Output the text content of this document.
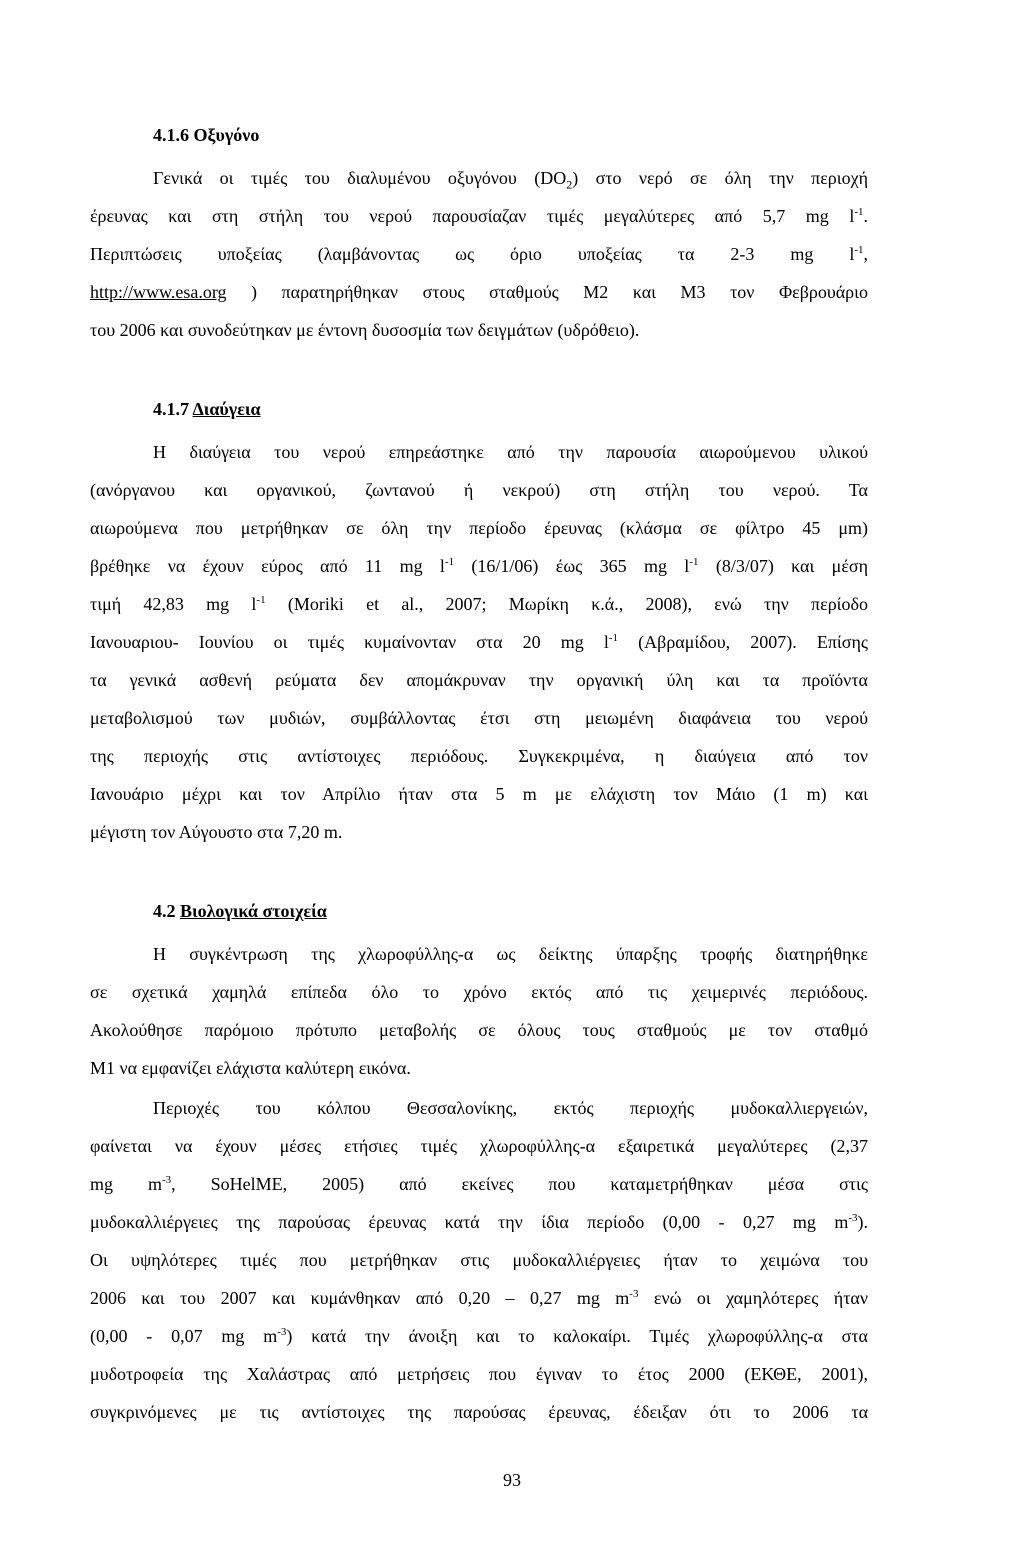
4.1.6 Οξυγόνο
Γενικά οι τιμές του διαλυμένου οξυγόνου $(DO_2)$ στο νερό σε όλη την περιοχή
έρευνας και στη στήλη του νερού παρουσίαζαν τιμές μεγαλύτερες από 5,7 mg $l^{-1}$.
Περιπτώσεις υποξείας (λαμβάνοντας ως όριο υποξείας τα 2-3 mg $l^{-1}$,
http://www.esa.org ) παρατηρήθηκαν στους σταθμούς Μ2 και Μ3 τον Φεβρουάριο
του 2006 και συνοδεύτηκαν με έντονη δυσοσμία των δειγμάτων (υδρόθειο).
4.1.7 Διαύγεια
Η διαύγεια του νερού επηρεάστηκε από την παρουσία αιωρούμενου υλικού
(ανόργανου και οργανικού, ζωντανού ή νεκρού) στη στήλη του νερού. Τα
αιωρούμενα που μετρήθηκαν σε όλη την περίοδο έρευνας (κλάσμα σε φίλτρο 45 μm)
βρέθηκε να έχουν εύρος από 11 mg $l^{-1}$ (16/1/06) έως 365 mg $l^{-1}$ (8/3/07) και μέση
τιμή 42,83 mg $l^{-1}$ (Moriki et al., 2007; Μωρίκη κ.ά., 2008), ενώ την περίοδο
Ιανουαριου- Ιουνίου οι τιμές κυμαίνονταν στα 20 mg $l^{-1}$ (Αβραμίδου, 2007). Επίσης
τα γενικά ασθενή ρεύματα δεν απομάκρυναν την οργανική ύλη και τα προϊόντα
μεταβολισμού των μυδιών, συμβάλλοντας έτσι στη μειωμένη διαφάνεια του νερού
της περιοχής στις αντίστοιχες περιόδους. Συγκεκριμένα, η διαύγεια από τον
Ιανουάριο μέχρι και τον Απρίλιο ήταν στα 5 m με ελάχιστη τον Μάιο (1 m) και
μέγιστη τον Αύγουστο στα 7,20 m.
4.2 Βιολογικά στοιχεία
Η συγκέντρωση της χλωροφύλλης-α ως δείκτης ύπαρξης τροφής διατηρήθηκε
σε σχετικά χαμηλά επίπεδα όλο το χρόνο εκτός από τις χειμερινές περιόδους.
Ακολούθησε παρόμοιο πρότυπο μεταβολής σε όλους τους σταθμούς με τον σταθμό
Μ1 να εμφανίζει ελάχιστα καλύτερη εικόνα.
Περιοχές του κόλπου Θεσσαλονίκης, εκτός περιοχής μυδοκαλλιεργειών,
φαίνεται να έχουν μέσες ετήσιες τιμές χλωροφύλλης-α εξαιρετικά μεγαλύτερες (2,37
mg $m^{-3}$, SoHelME, 2005) από εκείνες που καταμετρήθηκαν μέσα στις
μυδοκαλλιέργειες της παρούσας έρευνας κατά την ίδια περίοδο (0,00 - 0,27 mg $m^{-3}$).
Οι υψηλότερες τιμές που μετρήθηκαν στις μυδοκαλλιέργειες ήταν το χειμώνα του
2006 και του 2007 και κυμάνθηκαν από 0,20 – 0,27 mg $m^{-3}$ ενώ οι χαμηλότερες ήταν
(0,00 - 0,07 mg $m^{-3}$) κατά την άνοιξη και το καλοκαίρι. Τιμές χλωροφύλλης-α στα
μυδοτροφεία της Χαλάστρας από μετρήσεις που έγιναν το έτος 2000 (ΕΚΘΕ, 2001),
συγκρινόμενες με τις αντίστοιχες της παρούσας έρευνας, έδειξαν ότι το 2006 τα
93
